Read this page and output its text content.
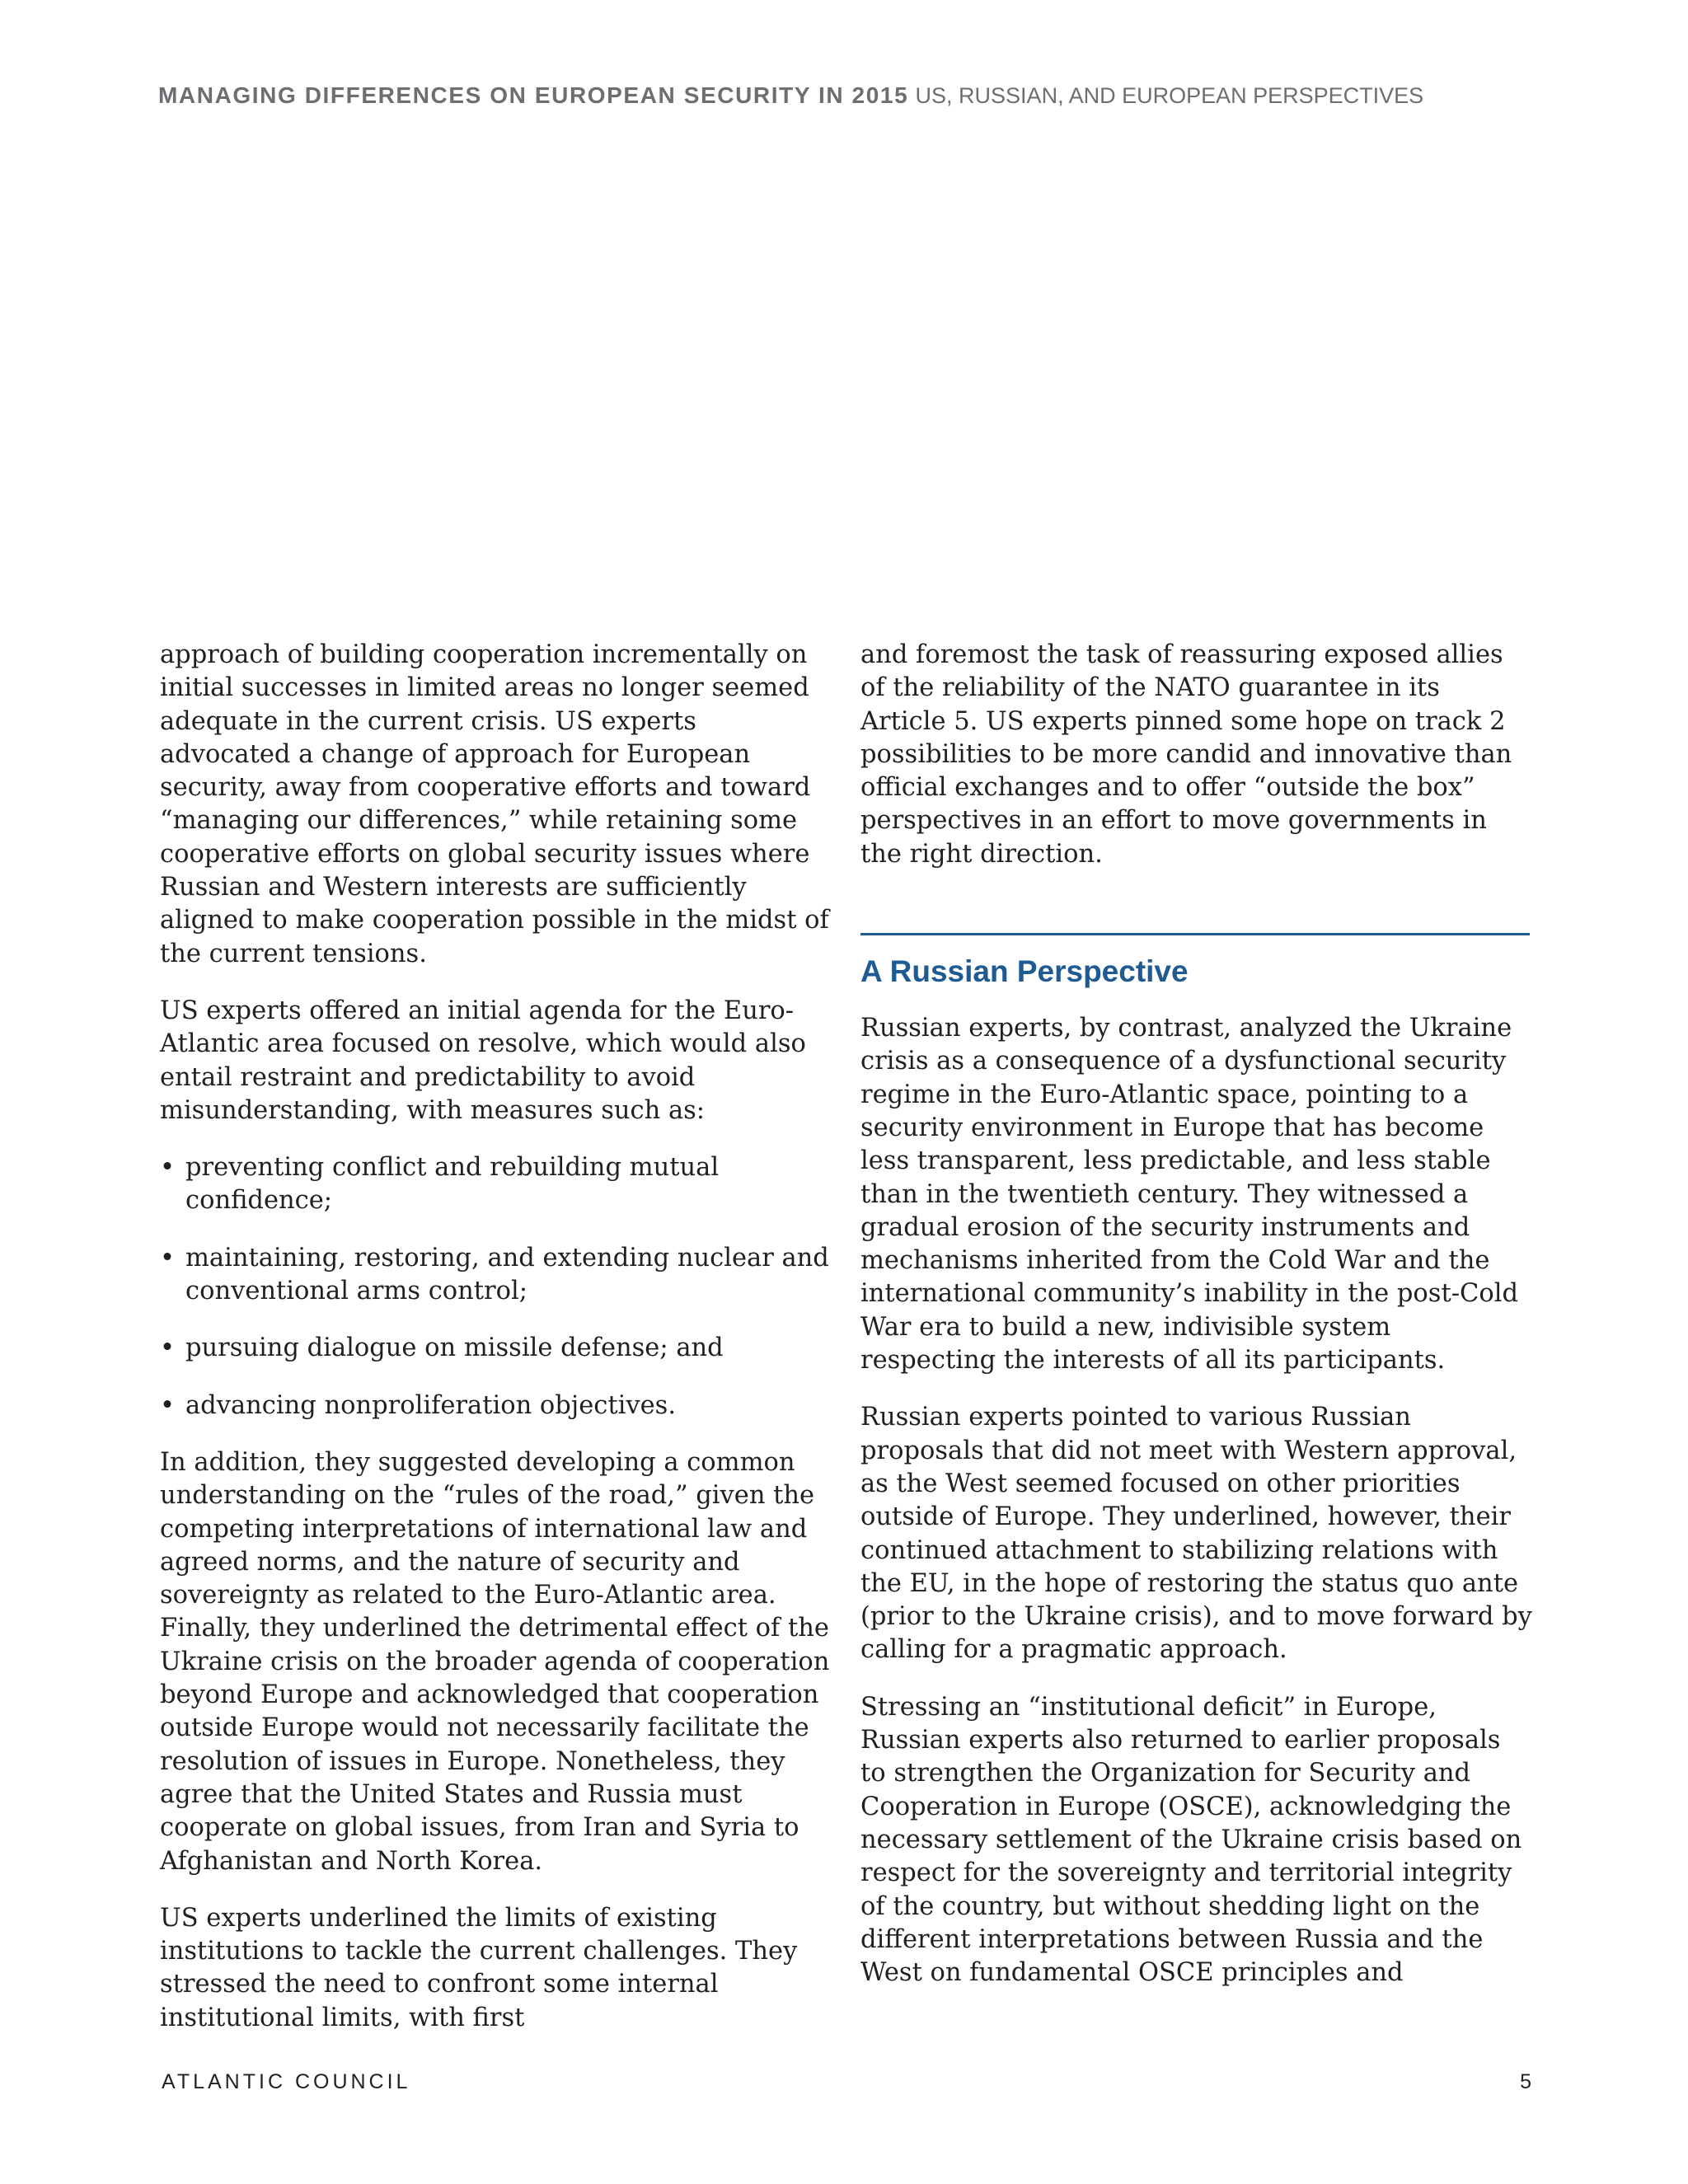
MANAGING DIFFERENCES ON EUROPEAN SECURITY IN 2015 US, RUSSIAN, AND EUROPEAN PERSPECTIVES

approach of building cooperation incrementally on initial successes in limited areas no longer seemed adequate in the current crisis. US experts advocated a change of approach for European security, away from cooperative efforts and toward “managing our differences,” while retaining some cooperative efforts on global security issues where Russian and Western interests are sufficiently aligned to make cooperation possible in the midst of the current tensions.

US experts offered an initial agenda for the Euro-Atlantic area focused on resolve, which would also entail restraint and predictability to avoid misunderstanding, with measures such as:

• preventing conflict and rebuilding mutual confidence;
• maintaining, restoring, and extending nuclear and conventional arms control;
• pursuing dialogue on missile defense; and
• advancing nonproliferation objectives.

In addition, they suggested developing a common understanding on the “rules of the road,” given the competing interpretations of international law and agreed norms, and the nature of security and sovereignty as related to the Euro-Atlantic area. Finally, they underlined the detrimental effect of the Ukraine crisis on the broader agenda of cooperation beyond Europe and acknowledged that cooperation outside Europe would not necessarily facilitate the resolution of issues in Europe. Nonetheless, they agree that the United States and Russia must cooperate on global issues, from Iran and Syria to Afghanistan and North Korea.

US experts underlined the limits of existing institutions to tackle the current challenges. They stressed the need to confront some internal institutional limits, with first

and foremost the task of reassuring exposed allies of the reliability of the NATO guarantee in its Article 5. US experts pinned some hope on track 2 possibilities to be more candid and innovative than official exchanges and to offer “outside the box” perspectives in an effort to move governments in the right direction.

A Russian Perspective

Russian experts, by contrast, analyzed the Ukraine crisis as a consequence of a dysfunctional security regime in the Euro-Atlantic space, pointing to a security environment in Europe that has become less transparent, less predictable, and less stable than in the twentieth century. They witnessed a gradual erosion of the security instruments and mechanisms inherited from the Cold War and the international community’s inability in the post-Cold War era to build a new, indivisible system respecting the interests of all its participants.

Russian experts pointed to various Russian proposals that did not meet with Western approval, as the West seemed focused on other priorities outside of Europe. They underlined, however, their continued attachment to stabilizing relations with the EU, in the hope of restoring the status quo ante (prior to the Ukraine crisis), and to move forward by calling for a pragmatic approach.

Stressing an “institutional deficit” in Europe, Russian experts also returned to earlier proposals to strengthen the Organization for Security and Cooperation in Europe (OSCE), acknowledging the necessary settlement of the Ukraine crisis based on respect for the sovereignty and territorial integrity of the country, but without shedding light on the different interpretations between Russia and the West on fundamental OSCE principles and

ATLANTIC COUNCIL	5
